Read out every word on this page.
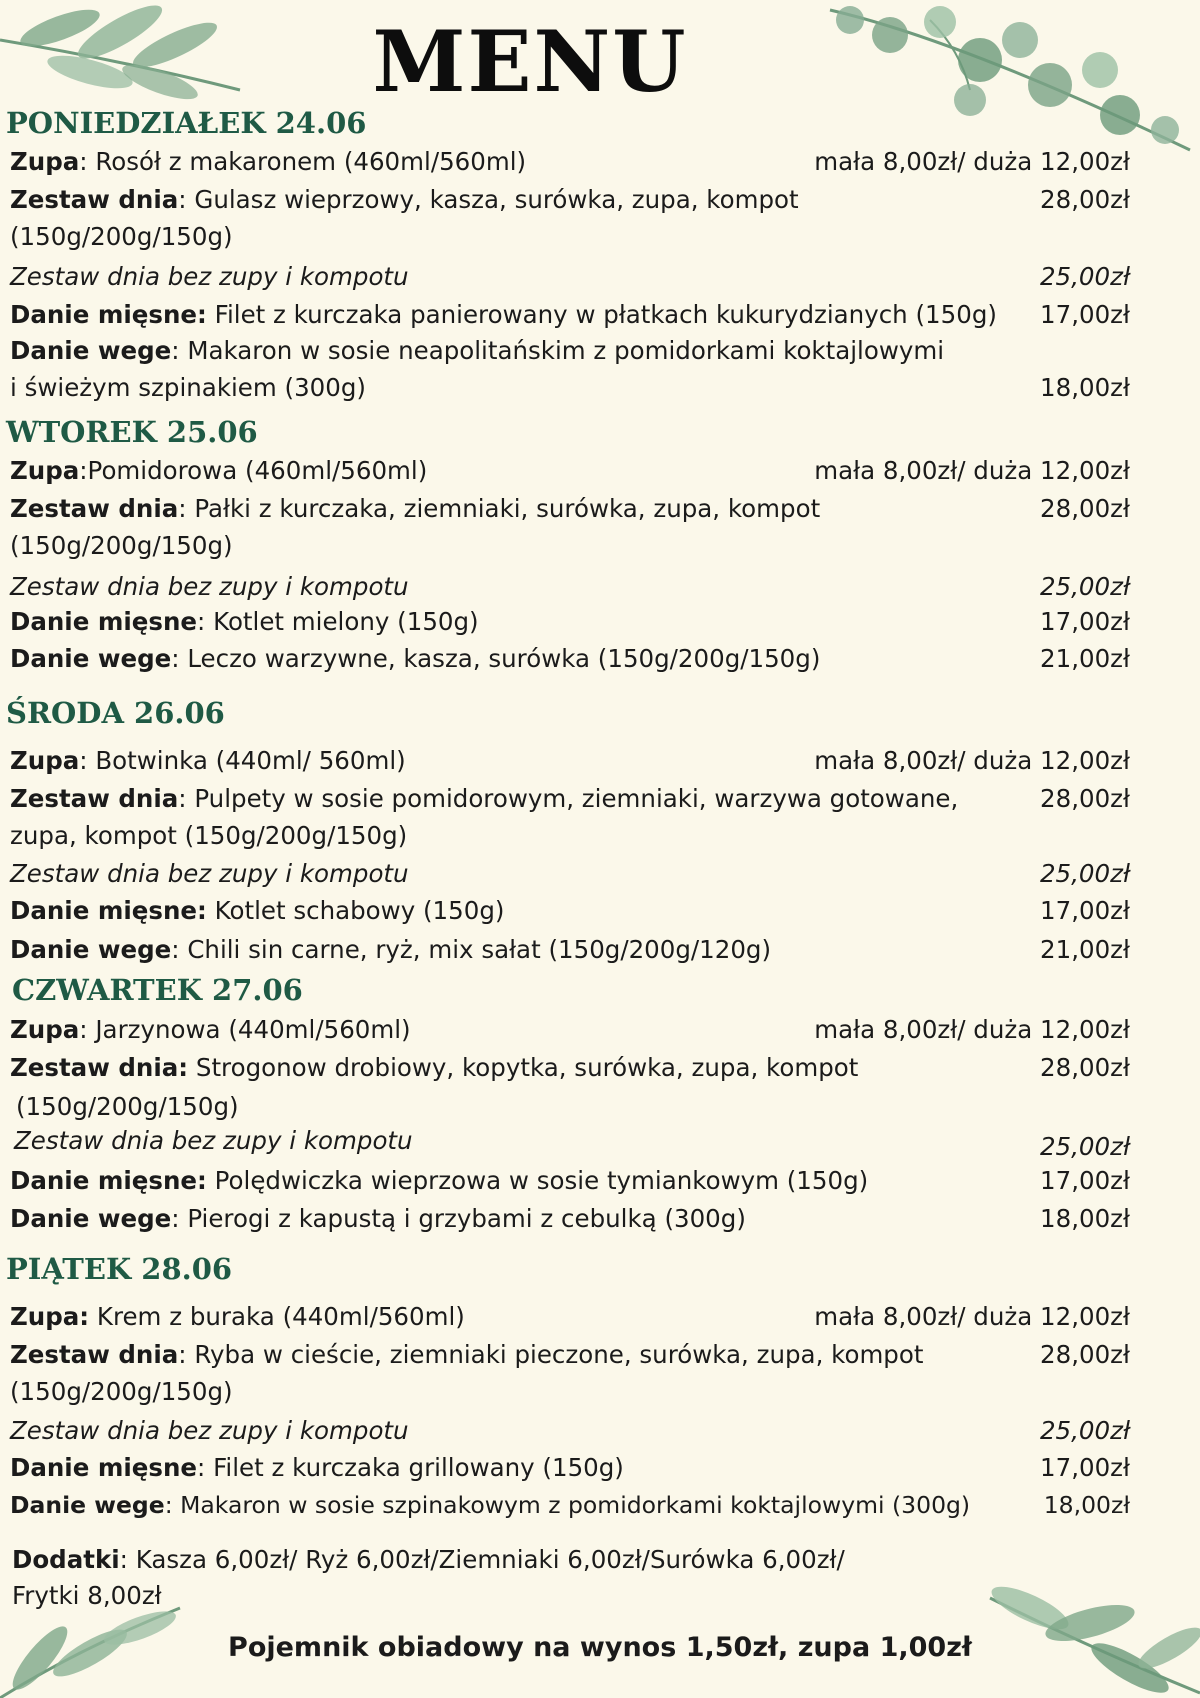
MENU
PONIEDZIAŁEK 24.06
Zupa: Rosół z makaronem (460ml/560ml)	mała 8,00zł/ duża 12,00zł
Zestaw dnia: Gulasz wieprzowy, kasza, surówka, zupa, kompot	28,00zł
(150g/200g/150g)
Zestaw dnia bez zupy i kompotu	25,00zł
Danie mięsne: Filet z kurczaka panierowany w płatkach kukurydzianych (150g) 17,00zł
Danie wege: Makaron w sosie neapolitańskim z pomidorkami koktajlowymi
i świeżym szpinakiem (300g)	18,00zł
WTOREK 25.06
Zupa:Pomidorowa (460ml/560ml)	mała 8,00zł/ duża 12,00zł
Zestaw dnia: Pałki z kurczaka, ziemniaki, surówka, zupa, kompot	28,00zł
(150g/200g/150g)
Zestaw dnia bez zupy i kompotu	25,00zł
Danie mięsne: Kotlet mielony (150g)	17,00zł
Danie wege: Leczo warzywne, kasza, surówka (150g/200g/150g)	21,00zł
ŚRODA 26.06
Zupa: Botwinka (440ml/ 560ml)	mała 8,00zł/ duża 12,00zł
Zestaw dnia: Pulpety w sosie pomidorowym, ziemniaki, warzywa gotowane,	28,00zł
zupa, kompot (150g/200g/150g)
Zestaw dnia bez zupy i kompotu	25,00zł
Danie mięsne: Kotlet schabowy (150g)	17,00zł
Danie wege: Chili sin carne, ryż, mix sałat (150g/200g/120g)	21,00zł
CZWARTEK 27.06
Zupa: Jarzynowa (440ml/560ml)	mała 8,00zł/ duża 12,00zł
Zestaw dnia: Strogonow drobiowy, kopytka, surówka, zupa, kompot	28,00zł
(150g/200g/150g)
Zestaw dnia bez zupy i kompotu	25,00zł
Danie mięsne: Polędwiczka wieprzowa w sosie tymiankowym (150g)	17,00zł
Danie wege: Pierogi z kapustą i grzybami z cebulką (300g)	18,00zł
PIĄTEK 28.06
Zupa: Krem z buraka (440ml/560ml)	mała 8,00zł/ duża 12,00zł
Zestaw dnia: Ryba w cieście, ziemniaki pieczone, surówka, zupa, kompot	28,00zł
(150g/200g/150g)
Zestaw dnia bez zupy i kompotu	25,00zł
Danie mięsne: Filet z kurczaka grillowany (150g)	17,00zł
Danie wege: Makaron w sosie szpinakowym z pomidorkami koktajlowymi (300g)	18,00zł
Dodatki: Kasza 6,00zł/ Ryż 6,00zł/Ziemniaki 6,00zł/Surówka 6,00zł/
Frytki 8,00zł
Pojemnik obiadowy na wynos 1,50zł, zupa 1,00zł
